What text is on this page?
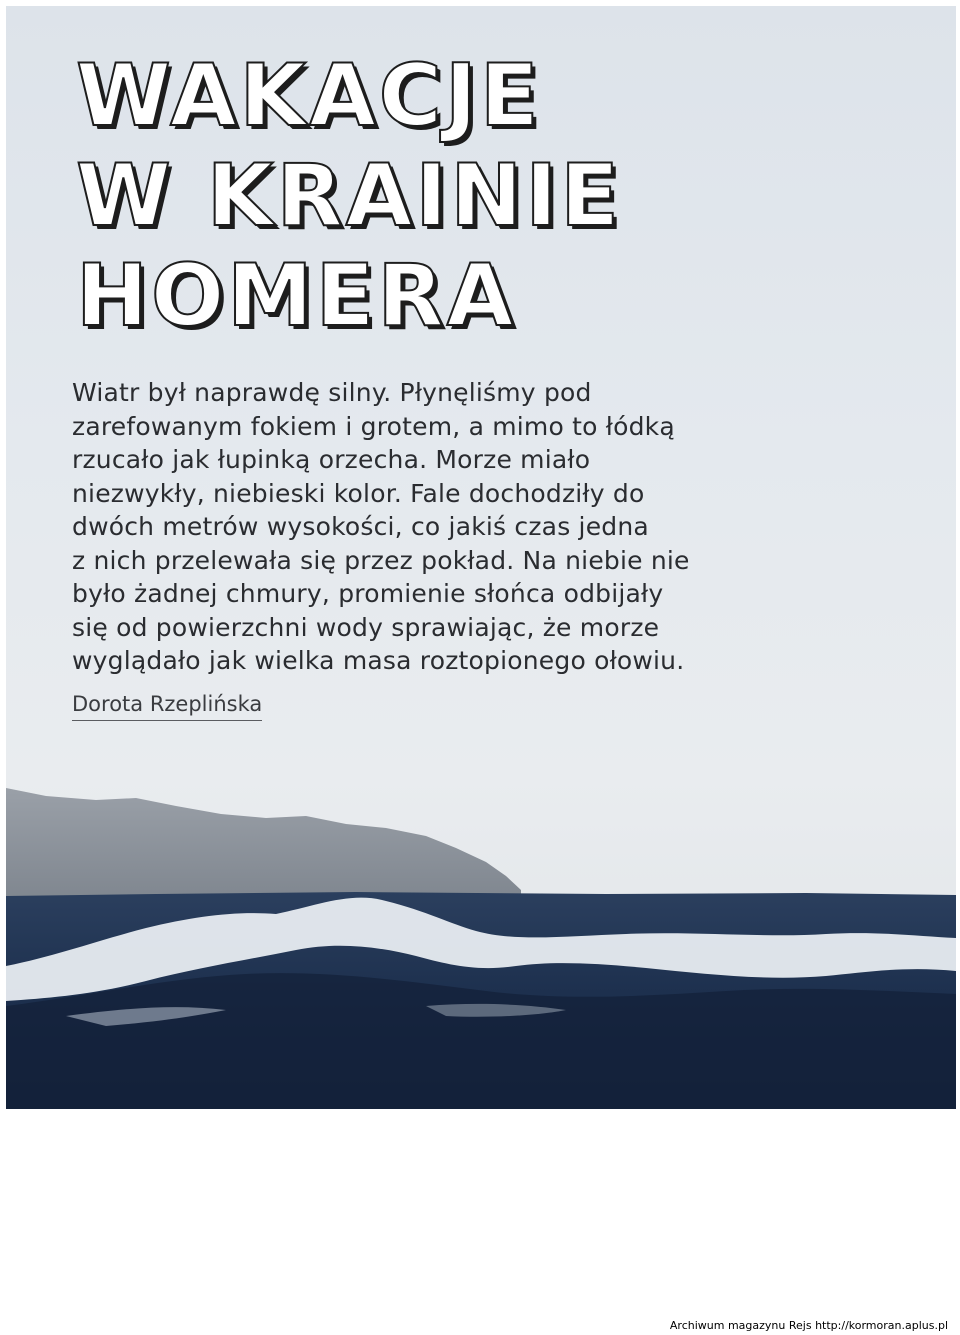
WAKACJE
W KRAINIE
HOMERA

Wiatr był naprawdę silny. Płynęliśmy pod
zarefowanym fokiem i grotem, a mimo to łódką
rzucało jak łupinką orzecha. Morze miało
niezwykły, niebieski kolor. Fale dochodziły do
dwóch metrów wysokości, co jakiś czas jedna
z nich przelewała się przez pokład. Na niebie nie
było żadnej chmury, promienie słońca odbijały
się od powierzchni wody sprawiając, że morze
wyglądało jak wielka masa roztopionego ołowiu.

Dorota Rzeplińska
Archiwum magazynu Rejs http://kormoran.aplus.pl
